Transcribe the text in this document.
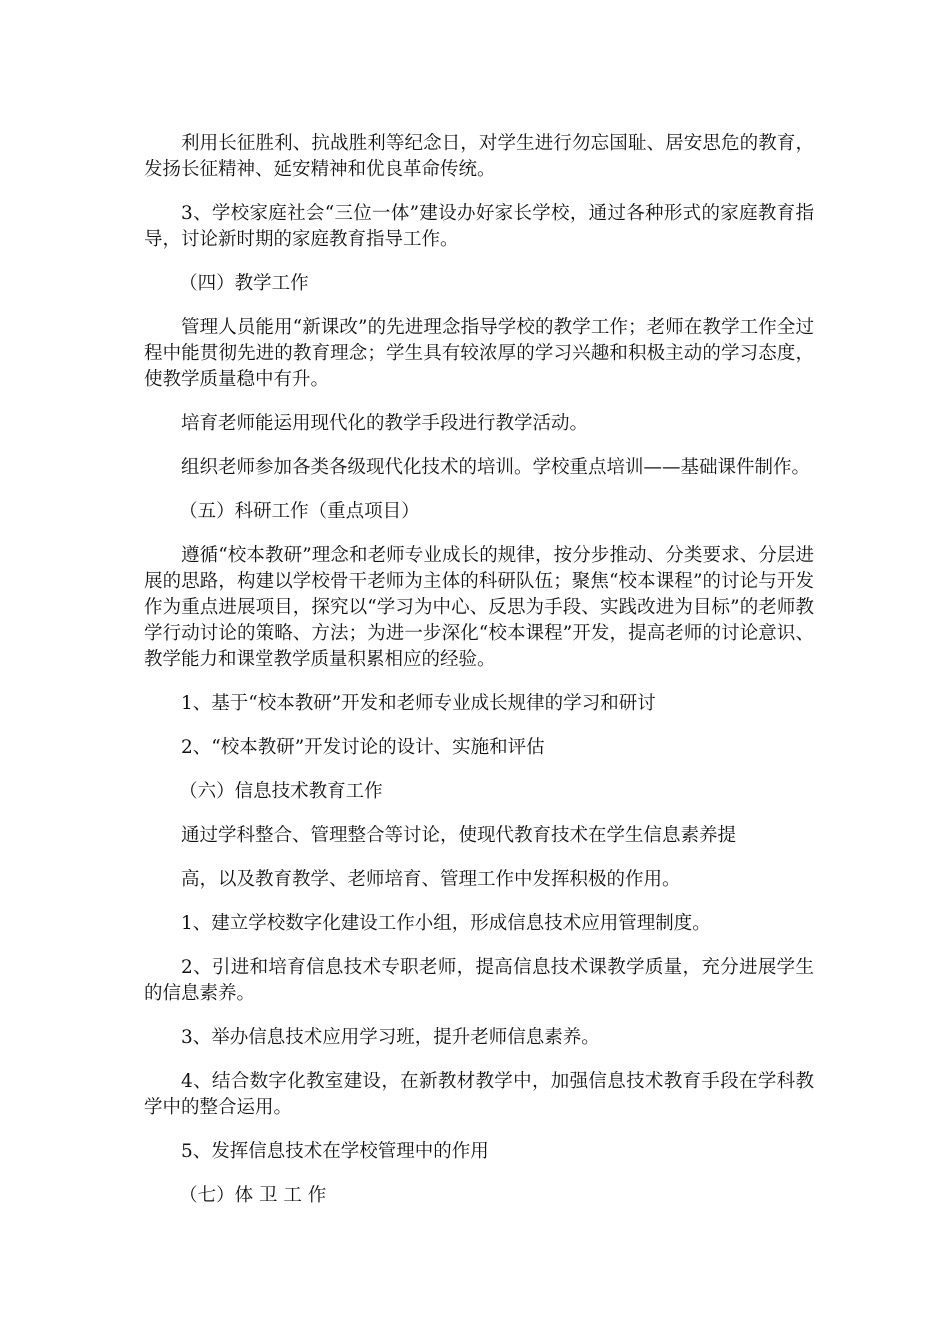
利用长征胜利、抗战胜利等纪念日，对学生进行勿忘国耻、居安思危的教育，发扬长征精神、延安精神和优良革命传统。

3、学校家庭社会“三位一体”建设办好家长学校，通过各种形式的家庭教育指导，讨论新时期的家庭教育指导工作。

（四）教学工作

管理人员能用“新课改”的先进理念指导学校的教学工作；老师在教学工作全过程中能贯彻先进的教育理念；学生具有较浓厚的学习兴趣和积极主动的学习态度，使教学质量稳中有升。

培育老师能运用现代化的教学手段进行教学活动。

组织老师参加各类各级现代化技术的培训。学校重点培训——基础课件制作。

（五）科研工作（重点项目）

遵循“校本教研”理念和老师专业成长的规律，按分步推动、分类要求、分层进展的思路，构建以学校骨干老师为主体的科研队伍；聚焦“校本课程”的讨论与开发作为重点进展项目，探究以“学习为中心、反思为手段、实践改进为目标”的老师教学行动讨论的策略、方法；为进一步深化“校本课程”开发，提高老师的讨论意识、教学能力和课堂教学质量积累相应的经验。

1、基于“校本教研”开发和老师专业成长规律的学习和研讨

2、“校本教研”开发讨论的设计、实施和评估

（六）信息技术教育工作

通过学科整合、管理整合等讨论，使现代教育技术在学生信息素养提

高，以及教育教学、老师培育、管理工作中发挥积极的作用。

1、建立学校数字化建设工作小组，形成信息技术应用管理制度。

2、引进和培育信息技术专职老师，提高信息技术课教学质量，充分进展学生的信息素养。

3、举办信息技术应用学习班，提升老师信息素养。

4、结合数字化教室建设，在新教材教学中，加强信息技术教育手段在学科教学中的整合运用。

5、发挥信息技术在学校管理中的作用

（七）体 卫 工 作
